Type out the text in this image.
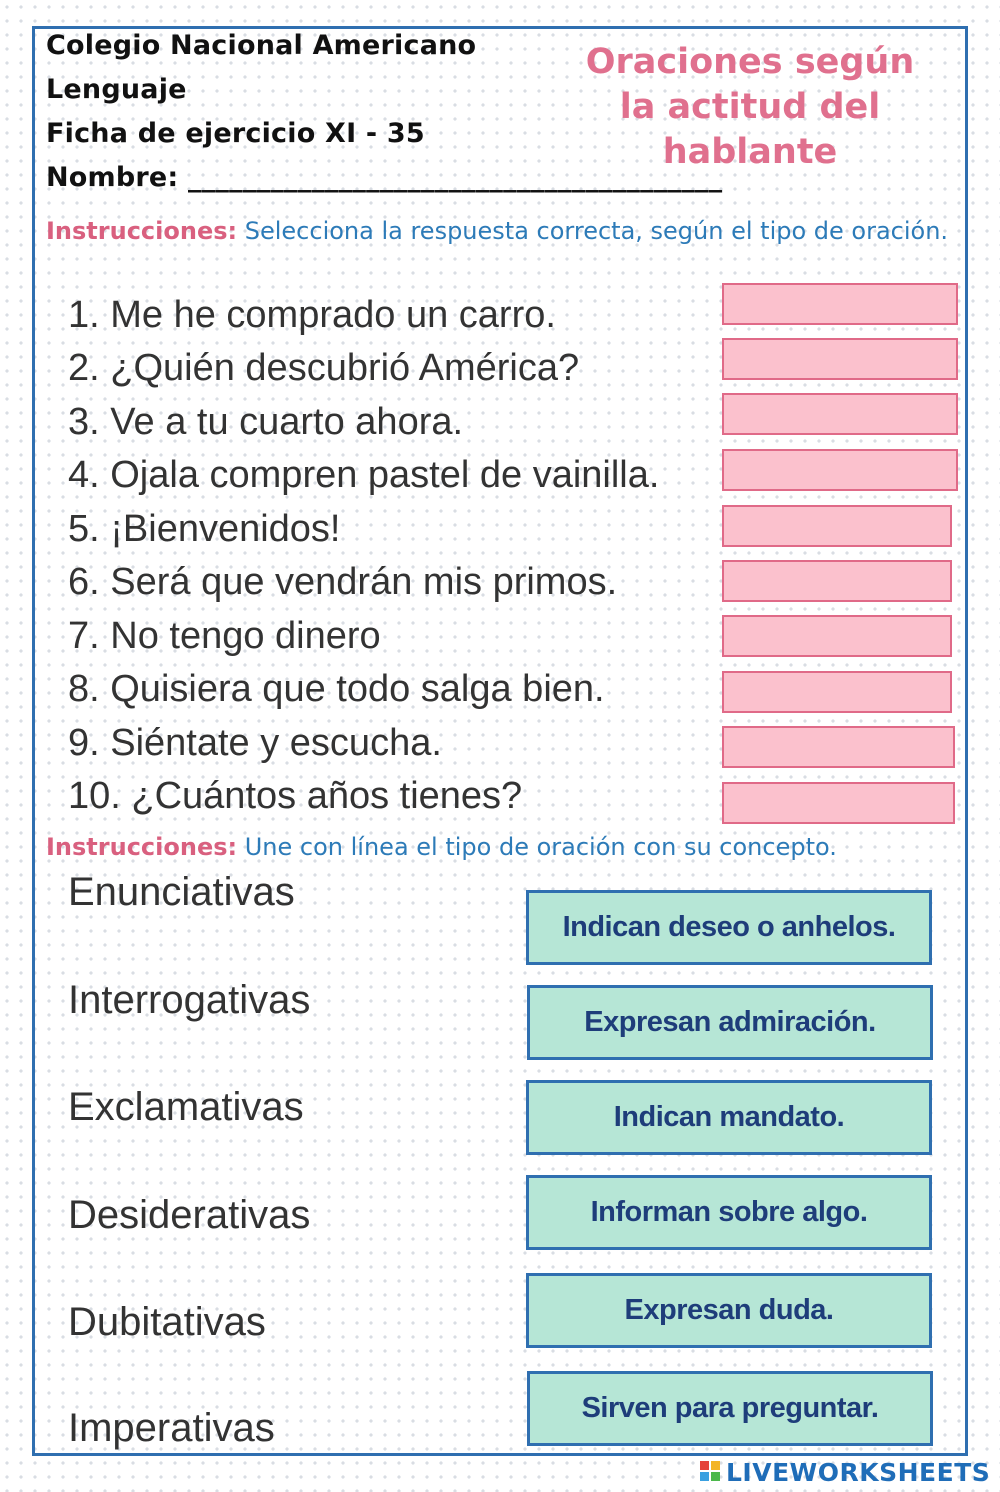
Colegio Nacional Americano
Lenguaje
Ficha de ejercicio XI - 35
Nombre: _______________________________________
Oraciones según
la actitud del
hablante
Instrucciones: Selecciona la respuesta correcta, según el tipo de oración.
1. Me he comprado un carro.
2. ¿Quién descubrió América?
3. Ve a tu cuarto ahora.
4. Ojala compren pastel de vainilla.
5. ¡Bienvenidos!
6. Será que vendrán mis primos.
7. No tengo dinero
8. Quisiera que todo salga bien.
9. Siéntate y escucha.
10. ¿Cuántos años tienes?
Instrucciones: Une con línea el tipo de oración con su concepto.
Enunciativas
Interrogativas
Exclamativas
Desiderativas
Dubitativas
Imperativas
Indican deseo o anhelos.
Expresan admiración.
Indican mandato.
Informan sobre algo.
Expresan duda.
Sirven para preguntar.
LIVEWORKSHEETS
